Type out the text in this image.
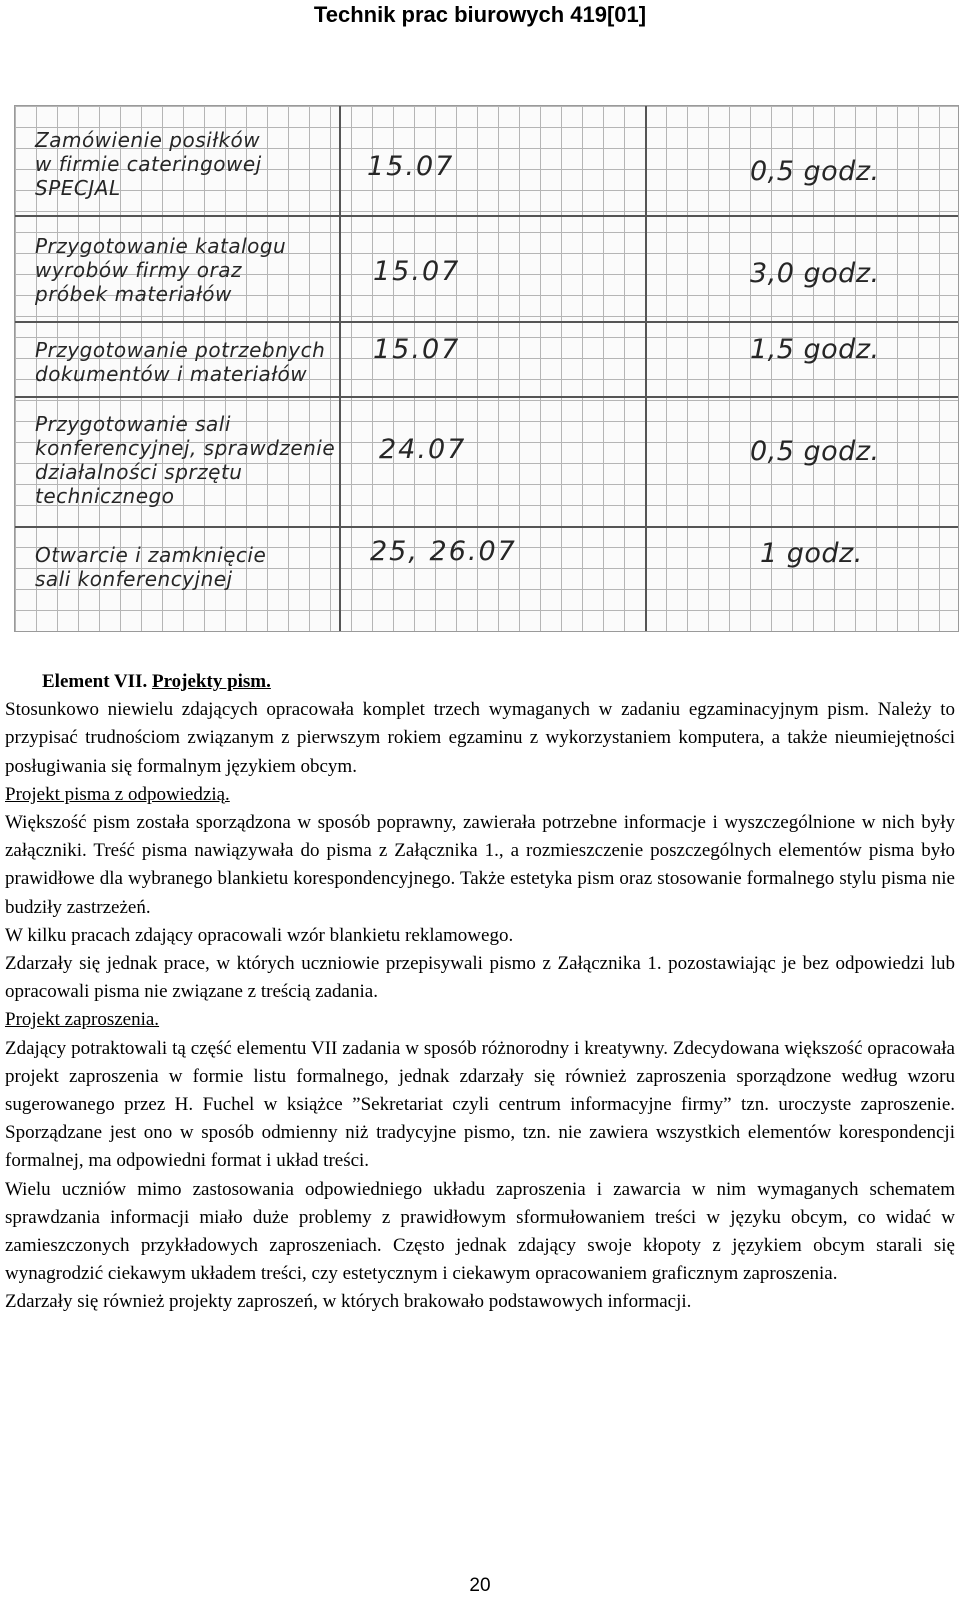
Technik prac biurowych 419[01]
Zamówienie posiłków
w firmie cateringowej
SPECJAL
15.07	0,5 godz.
Przygotowanie katalogu
wyrobów firmy oraz
próbek materiałów
15.07	3,0 godz.
Przygotowanie potrzebnych
dokumentów i materiałów
15.07	1,5 godz.
Przygotowanie sali
konferencyjnej, sprawdzenie
działalności sprzętu
technicznego
24.07	0,5 godz.
Otwarcie i zamknięcie
sali konferencyjnej
25, 26.07	1 godz.

Element VII. Projekty pism.

Stosunkowo niewielu zdających opracowała komplet trzech wymaganych w zadaniu egzaminacyjnym pism. Należy to przypisać trudnościom związanym z pierwszym rokiem egzaminu z wykorzystaniem komputera, a także nieumiejętności posługiwania się formalnym językiem obcym.

Projekt pisma z odpowiedzią.

Większość pism została sporządzona w sposób poprawny, zawierała potrzebne informacje i wyszczególnione w nich były załączniki. Treść pisma nawiązywała do pisma z Załącznika 1., a rozmieszczenie poszczególnych elementów pisma było prawidłowe dla wybranego blankietu korespondencyjnego. Także estetyka pism oraz stosowanie formalnego stylu pisma nie budziły zastrzeżeń.

W kilku pracach zdający opracowali wzór blankietu reklamowego.

Zdarzały się jednak prace, w których uczniowie przepisywali pismo z Załącznika 1. pozostawiając je bez odpowiedzi lub opracowali pisma nie związane z treścią zadania.

Projekt zaproszenia.

Zdający potraktowali tą część elementu VII zadania w sposób różnorodny i kreatywny. Zdecydowana większość opracowała projekt zaproszenia w formie listu formalnego, jednak zdarzały się również zaproszenia sporządzone według wzoru sugerowanego przez H. Fuchel w książce ”Sekretariat czyli centrum informacyjne firmy” tzn. uroczyste zaproszenie. Sporządzane jest ono w sposób odmienny niż tradycyjne pismo, tzn. nie zawiera wszystkich elementów korespondencji formalnej, ma odpowiedni format i układ treści.

Wielu uczniów mimo zastosowania odpowiedniego układu zaproszenia i zawarcia w nim wymaganych schematem sprawdzania informacji miało duże problemy z prawidłowym sformułowaniem treści w języku obcym, co widać w zamieszczonych przykładowych zaproszeniach. Często jednak zdający swoje kłopoty z językiem obcym starali się wynagrodzić ciekawym układem treści, czy estetycznym i ciekawym opracowaniem graficznym zaproszenia.

Zdarzały się również projekty zaproszeń, w których brakowało podstawowych informacji.

20
